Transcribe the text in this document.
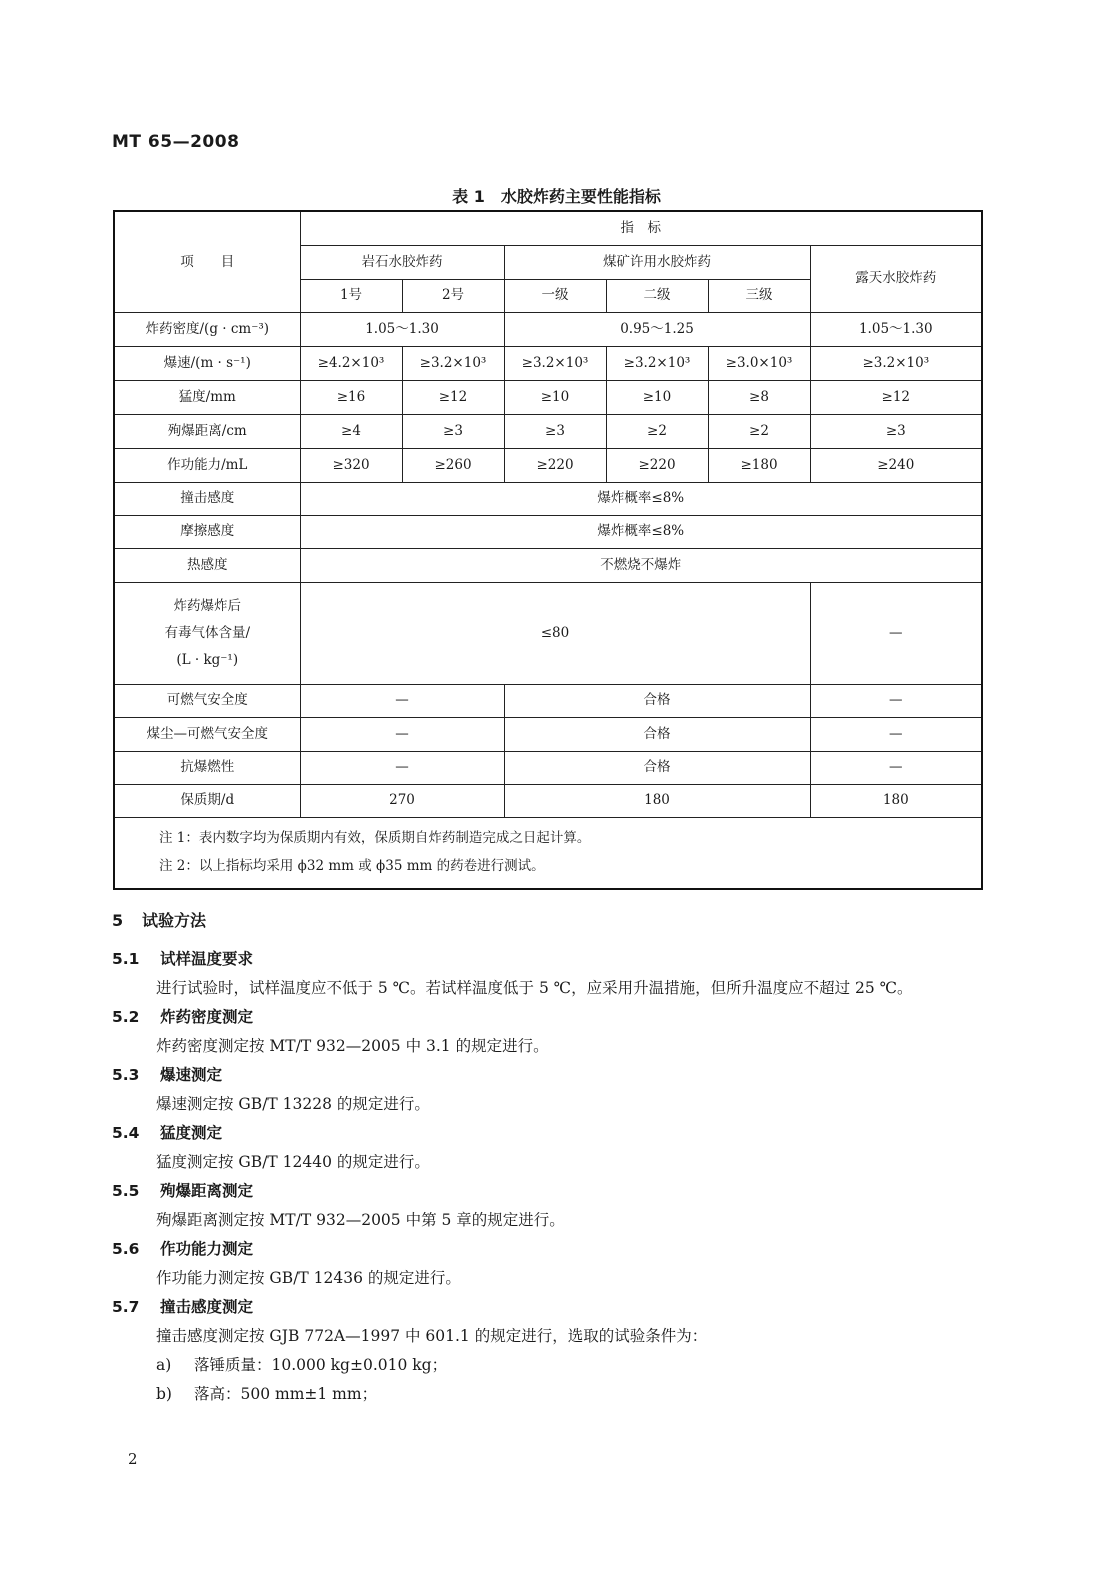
MT 65—2008
表 1　水胶炸药主要性能指标
项　　目	指　标					
	岩石水胶炸药		煤矿许用水胶炸药			露天水胶炸药
	1号	2号	一级	二级	三级	
炸药密度/(g · cm⁻³)	1.05～1.30		0.95～1.25			1.05～1.30
爆速/(m · s⁻¹)	≥4.2×10³	≥3.2×10³	≥3.2×10³	≥3.2×10³	≥3.0×10³	≥3.2×10³
猛度/mm	≥16	≥12	≥10	≥10	≥8	≥12
殉爆距离/cm	≥4	≥3	≥3	≥2	≥2	≥3
作功能力/mL	≥320	≥260	≥220	≥220	≥180	≥240
撞击感度	爆炸概率≤8%					
摩擦感度	爆炸概率≤8%					
热感度	不燃烧不爆炸					

炸药爆炸后
有毒气体含量/
(L · kg⁻¹)	≤80					—
可燃气安全度	—		合格			—
煤尘—可燃气安全度	—		合格			—
抗爆燃性	—		合格			—
保质期/d	270		180			180

注 1：表内数字均为保质期内有效，保质期自炸药制造完成之日起计算。
注 2：以上指标均采用 ϕ32 mm 或 ϕ35 mm 的药卷进行测试。						
5 试验方法
5.1 试样温度要求
进行试验时，试样温度应不低于 5 ℃。若试样温度低于 5 ℃，应采用升温措施，但所升温度应不超过 25 ℃。
5.2 炸药密度测定
炸药密度测定按 MT/T 932—2005 中 3.1 的规定进行。
5.3 爆速测定
爆速测定按 GB/T 13228 的规定进行。
5.4 猛度测定
猛度测定按 GB/T 12440 的规定进行。
5.5 殉爆距离测定
殉爆距离测定按 MT/T 932—2005 中第 5 章的规定进行。
5.6 作功能力测定
作功能力测定按 GB/T 12436 的规定进行。
5.7 撞击感度测定
撞击感度测定按 GJB 772A—1997 中 601.1 的规定进行，选取的试验条件为：
a) 落锤质量：10.000 kg±0.010 kg；
b) 落高：500 mm±1 mm；
2
